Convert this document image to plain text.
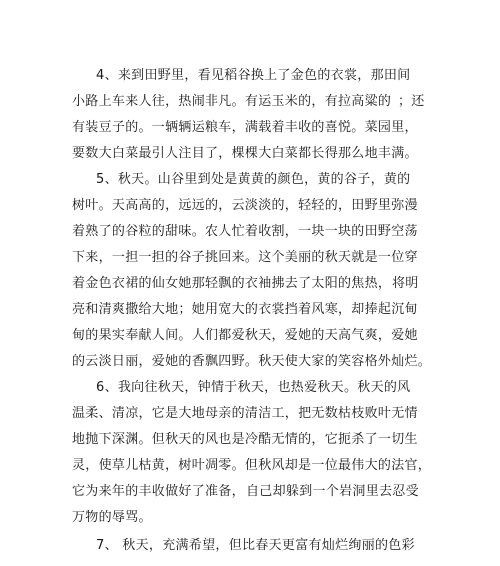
4、来到田野里，看见稻谷换上了金色的衣裳，那田间
小路上车来人往，热闹非凡。有运玉米的，有拉高粱的 ；还
有装豆子的。一辆辆运粮车，满载着丰收的喜悦。菜园里，
要数大白菜最引人注目了，棵棵大白菜都长得那么地丰满。
5、秋天。山谷里到处是黄黄的颜色，黄的谷子，黄的
树叶。天高高的，远远的，云淡淡的，轻轻的，田野里弥漫
着熟了的谷粒的甜味。农人忙着收割，一块一块的田野空荡
下来，一担一担的谷子挑回来。这个美丽的秋天就是一位穿
着金色衣裙的仙女她那轻飘的衣袖拂去了太阳的焦热， 将明
亮和清爽撒给大地；她用宽大的衣裳挡着风寒，却捧起沉甸
甸的果实奉献人间。人们都爱秋天，爱她的天高气爽，爱她
的云淡日丽，爱她的香飘四野。秋天使大家的笑容格外灿烂。
6、我向往秋天，钟情于秋天，也热爱秋天。秋天的风
温柔、清凉，它是大地母亲的清洁工，把无数枯枝败叶无情
地抛下深渊。但秋天的风也是冷酷无情的，它扼杀了一切生
灵，使草儿枯黄，树叶凋零。但秋风却是一位最伟大的法官，
它为来年的丰收做好了准备， 自己却躲到一个岩洞里去忍受
万物的辱骂。
7、 秋天，充满希望，但比春天更富有灿烂绚丽的色彩
